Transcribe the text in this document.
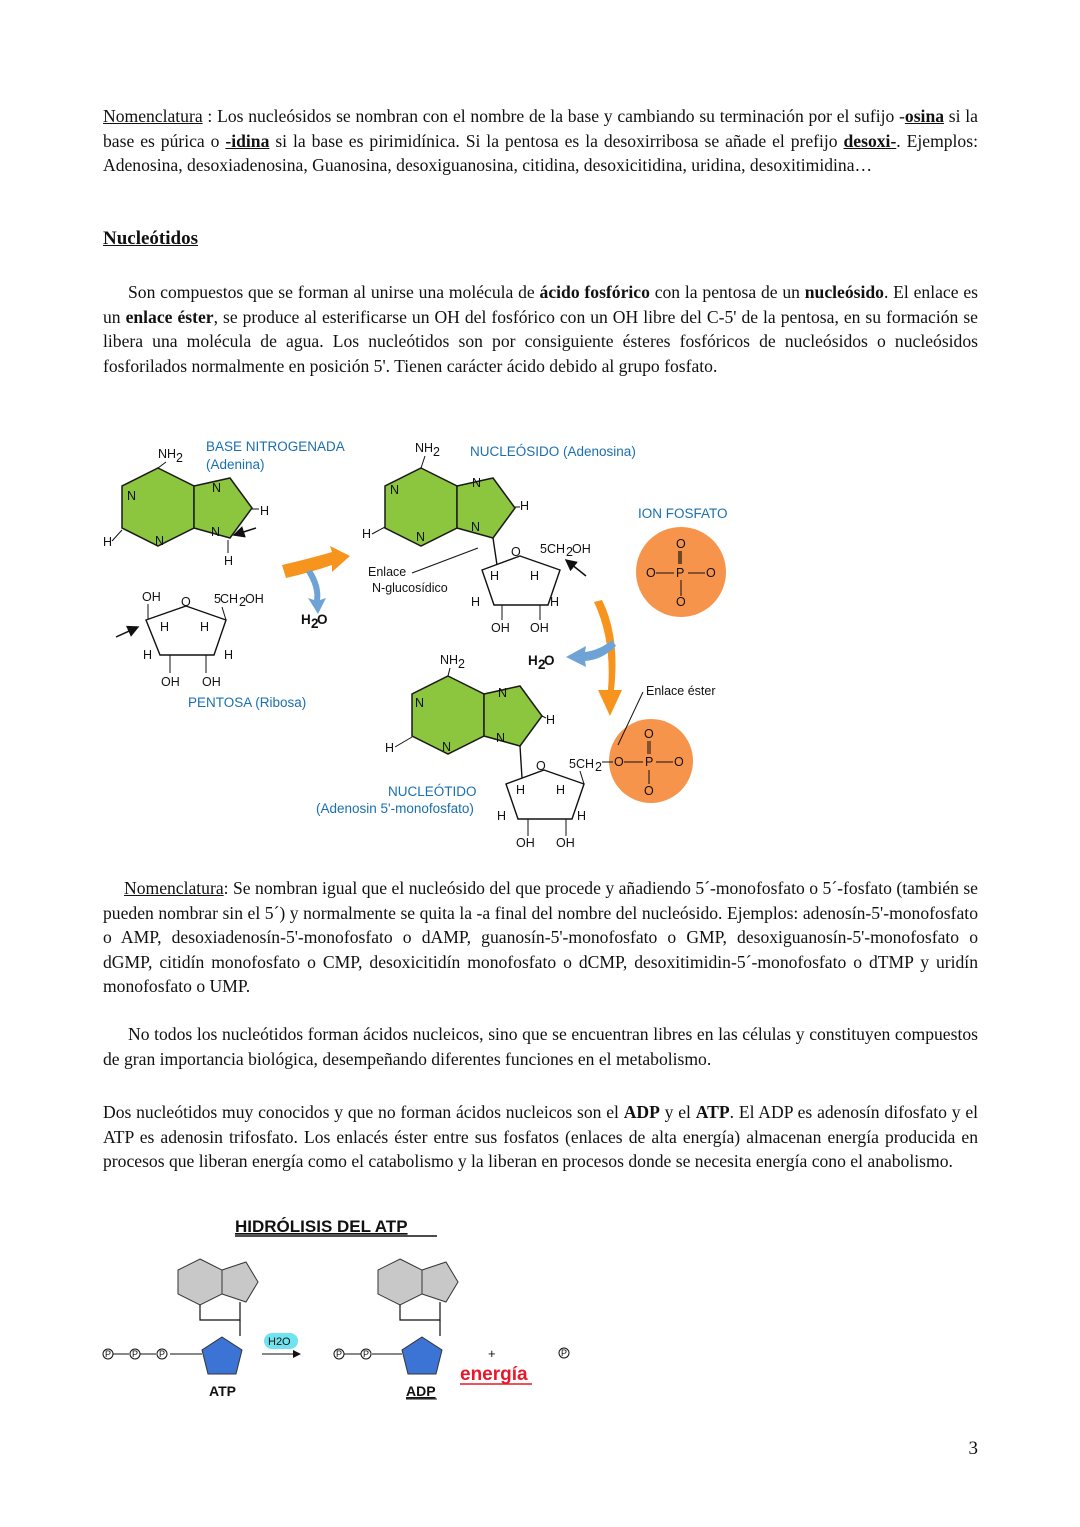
Nomenclatura : Los nucleósidos se nombran con el nombre de la base y cambiando su terminación por el sufijo -osina si la base es púrica o -idina si la base es pirimidínica. Si la pentosa es la desoxirribosa se añade el prefijo desoxi-. Ejemplos: Adenosina, desoxiadenosina, Guanosina, desoxiguanosina, citidina, desoxicitidina, uridina, desoxitimidina…

Nucleótidos

Son compuestos que se forman al unirse una molécula de ácido fosfórico con la pentosa de un nucleósido. El enlace es un enlace éster, se produce al esterificarse un OH del fosfórico con un OH libre del C-5' de la pentosa, en su formación se libera una molécula de agua. Los nucleótidos son por consiguiente ésteres fosfóricos de nucleósidos o nucleósidos fosforilados normalmente en posición 5'. Tienen carácter ácido debido al grupo fosfato.

NH 2
N
N
N
N
H
H
H
BASE NITROGENADA
(Adenina)
O
OH	5 CH 2 OH
H H
H	H
OH OH
PENTOSA (Ribosa)
H 2
O
NH 2
N
N
N
N
H
H
O 5 CH 2 OH
H H
H	H
OH OH
Enlace
N-glucosídico
NUCLEÓSIDO (Adenosina)
ION FOSFATO
O
P
O	O
O
H 2
O
NH 2
N
N
N
N
H
H
O 5 CH 2
H H
H	H
OH OH
O P
O
O
O
Enlace éster
NUCLEÓTIDO
(Adenosin 5'-monofosfato)

Nomenclatura: Se nombran igual que el nucleósido del que procede y añadiendo 5´-monofosfato o 5´-fosfato (también se pueden nombrar sin el 5´) y normalmente se quita la -a final del nombre del nucleósido. Ejemplos: adenosín-5'-monofosfato o AMP, desoxiadenosín-5'-monofosfato o dAMP, guanosín-5'-monofosfato o GMP, desoxiguanosín-5'-monofosfato o dGMP, citidín monofosfato o CMP, desoxicitidín monofosfato o dCMP, desoxitimidin-5´-monofosfato o dTMP y uridín monofosfato o UMP.

No todos los nucleótidos forman ácidos nucleicos, sino que se encuentran libres en las células y constituyen compuestos de gran importancia biológica, desempeñando diferentes funciones en el metabolismo.

Dos nucleótidos muy conocidos y que no forman ácidos nucleicos son el ADP y el ATP. El ADP es adenosín difosfato y el ATP es adenosin trifosfato. Los enlacés éster entre sus fosfatos (enlaces de alta energía) almacenan energía producida en procesos que liberan energía como el catabolismo y la liberan en procesos donde se necesita energía cono el anabolismo.

HIDRÓLISIS DEL ATP
P P P
ATP
H2O
P P
ADP
+
energía
P

3
